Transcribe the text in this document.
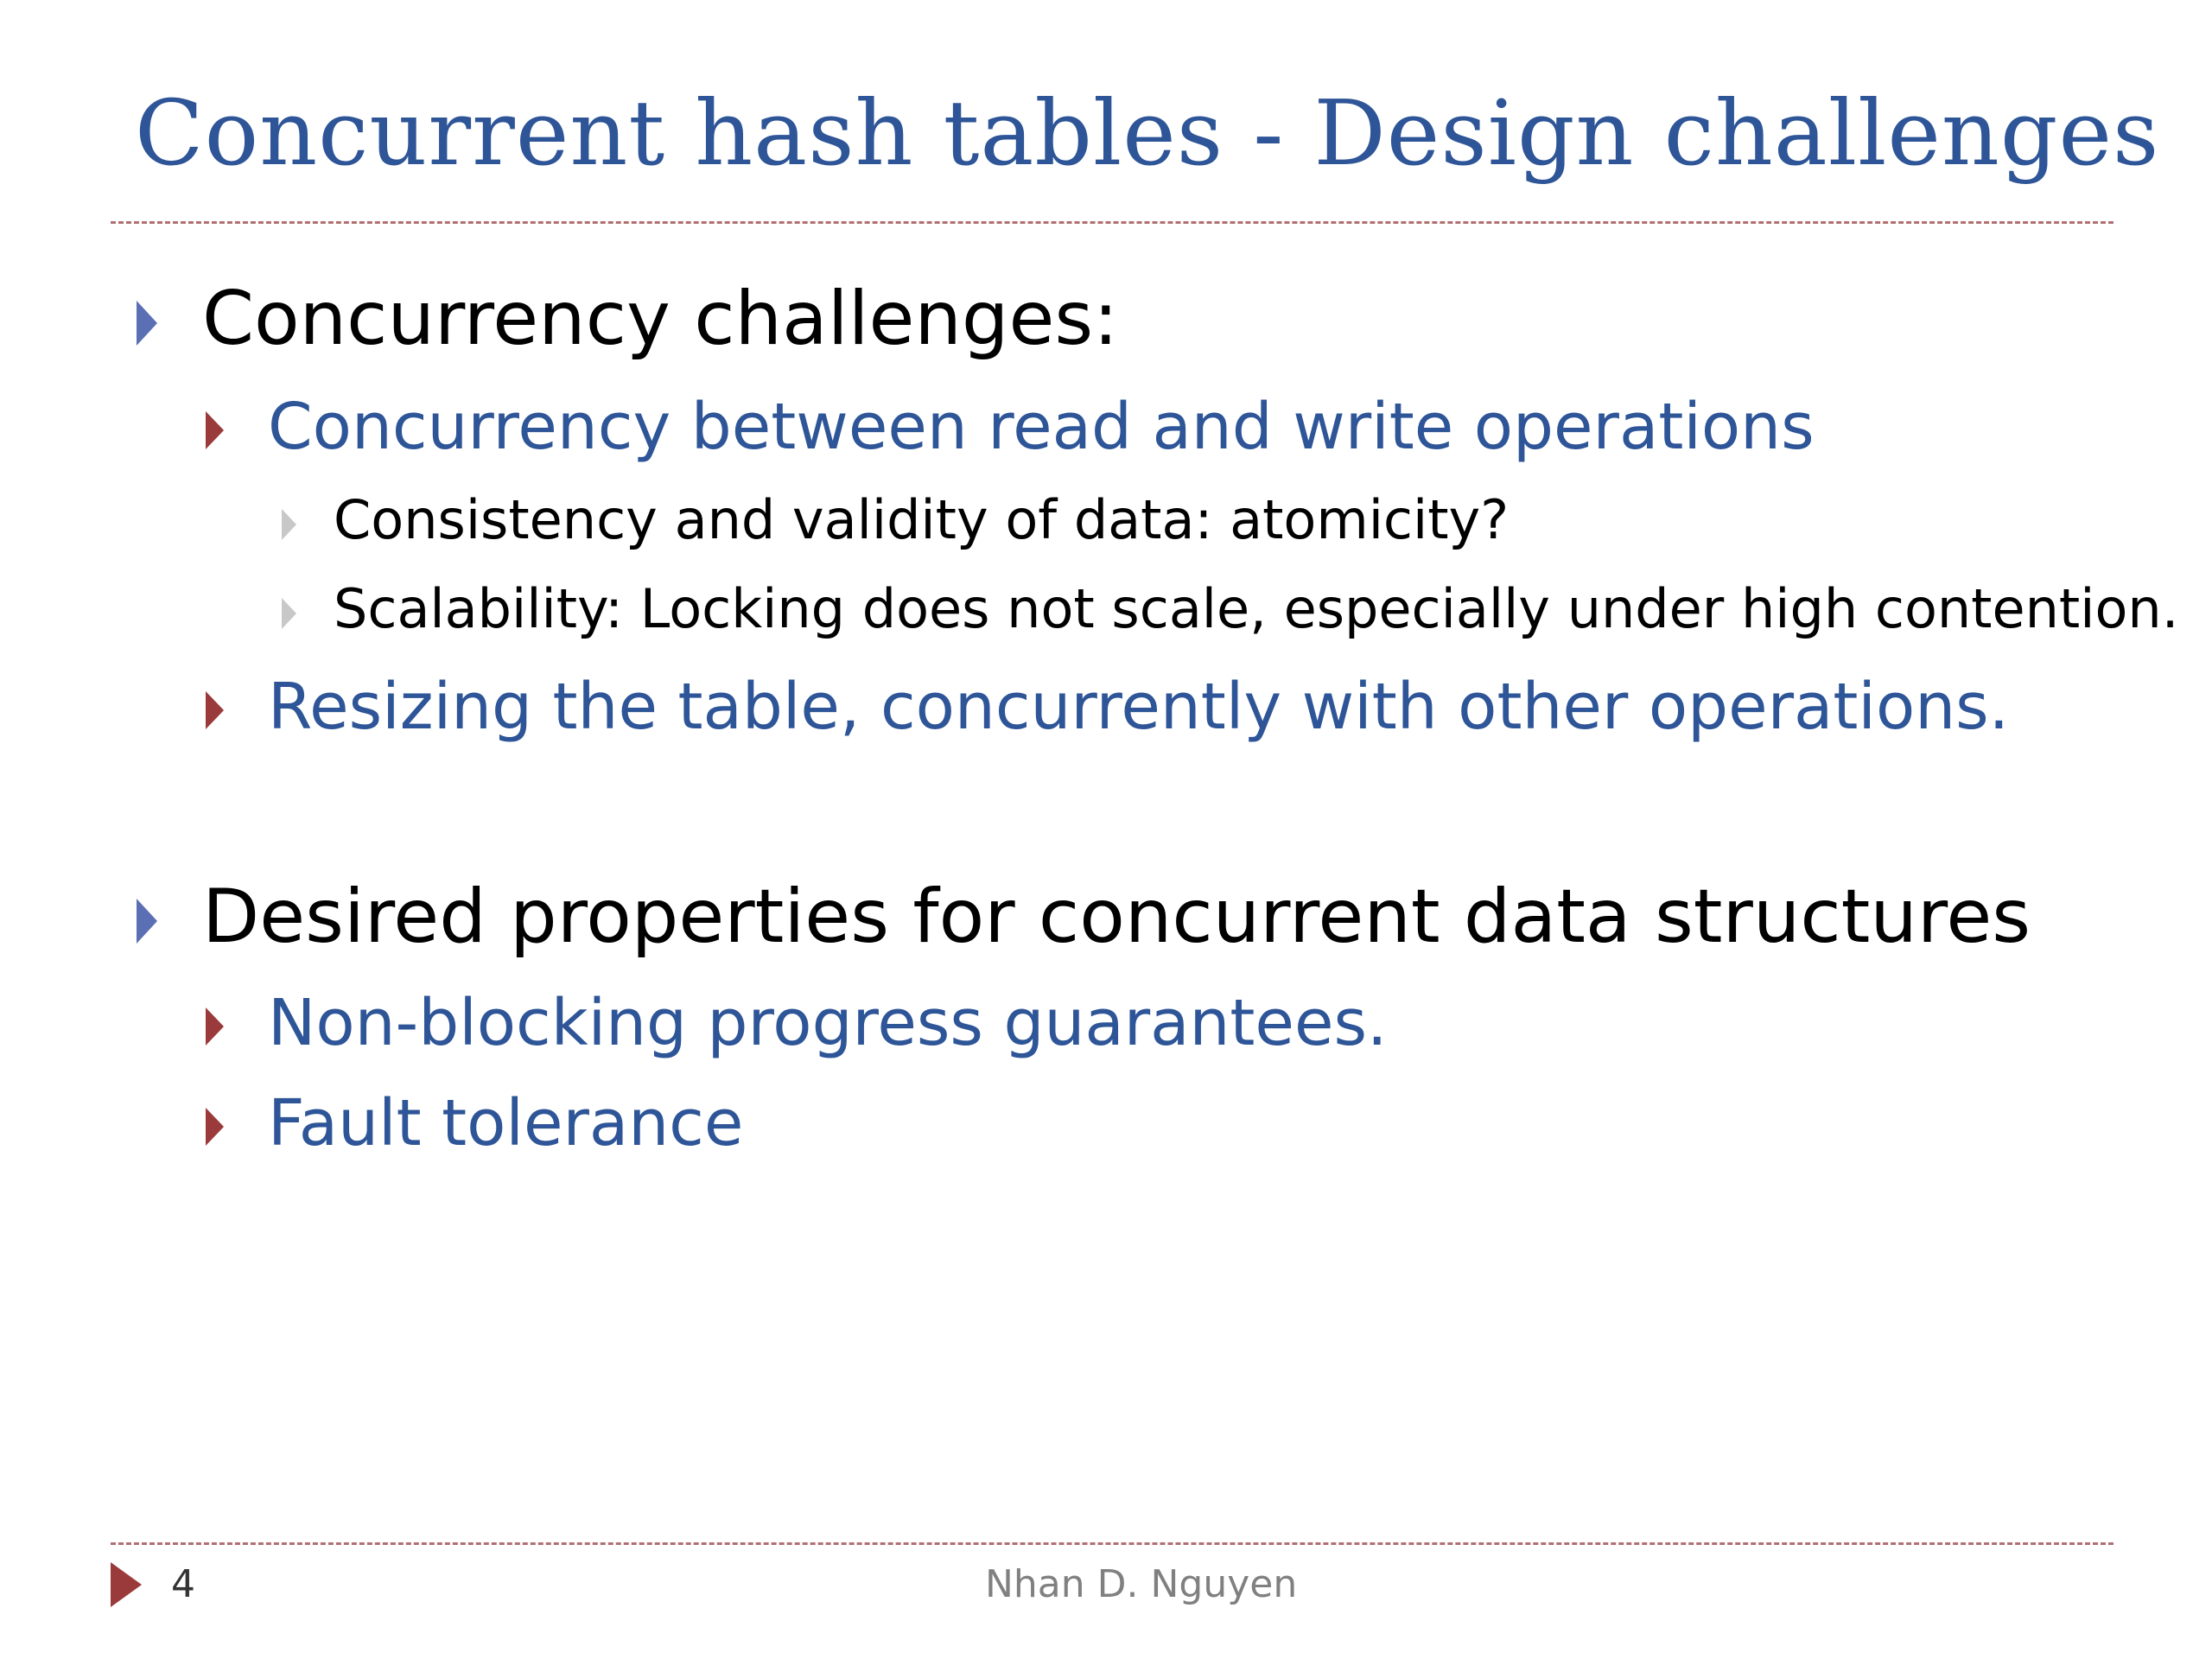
Concurrent hash tables - Design challenges
Concurrency challenges:
Concurrency between read and write operations
Consistency and validity of data: atomicity?
Scalability: Locking does not scale, especially under high contention.
Resizing the table, concurrently with other operations.
Desired properties for concurrent data structures
Non-blocking progress guarantees.
Fault tolerance
4	Nhan D. Nguyen
